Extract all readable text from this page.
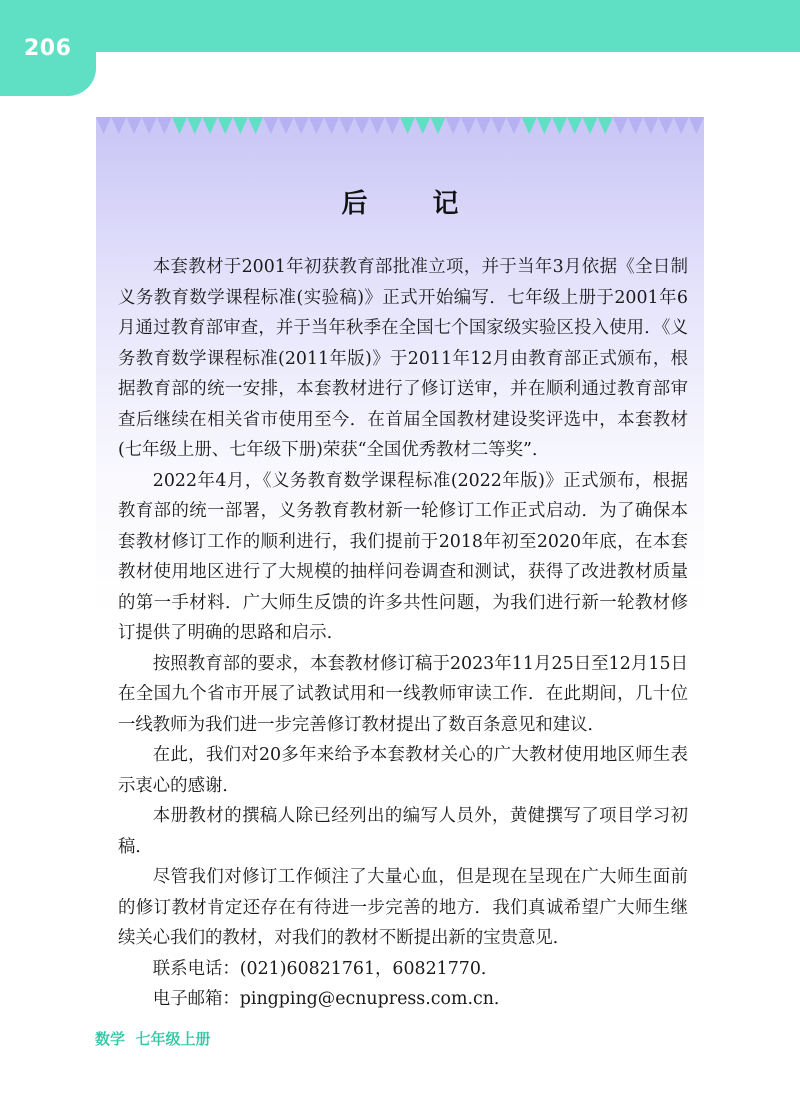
206
后 记

本套教材于2001年初获教育部批准立项，并于当年3月依据《全日制义务教育数学课程标准(实验稿)》正式开始编写．七年级上册于2001年6月通过教育部审查，并于当年秋季在全国七个国家级实验区投入使用．《义务教育数学课程标准(2011年版)》于2011年12月由教育部正式颁布，根据教育部的统一安排，本套教材进行了修订送审，并在顺利通过教育部审查后继续在相关省市使用至今．在首届全国教材建设奖评选中，本套教材(七年级上册、七年级下册)荣获“全国优秀教材二等奖”．

2022年4月，《义务教育数学课程标准(2022年版)》正式颁布，根据教育部的统一部署，义务教育教材新一轮修订工作正式启动．为了确保本套教材修订工作的顺利进行，我们提前于2018年初至2020年底，在本套教材使用地区进行了大规模的抽样问卷调查和测试，获得了改进教材质量的第一手材料．广大师生反馈的许多共性问题，为我们进行新一轮教材修订提供了明确的思路和启示．

按照教育部的要求，本套教材修订稿于2023年11月25日至12月15日在全国九个省市开展了试教试用和一线教师审读工作．在此期间，几十位一线教师为我们进一步完善修订教材提出了数百条意见和建议．

在此，我们对20多年来给予本套教材关心的广大教材使用地区师生表示衷心的感谢．

本册教材的撰稿人除已经列出的编写人员外，黄健撰写了项目学习初稿．

尽管我们对修订工作倾注了大量心血，但是现在呈现在广大师生面前的修订教材肯定还存在有待进一步完善的地方．我们真诚希望广大师生继续关心我们的教材，对我们的教材不断提出新的宝贵意见．

联系电话：(021)60821761，60821770．

电子邮箱：pingping@ecnupress.com.cn．

数学  七年级上册
